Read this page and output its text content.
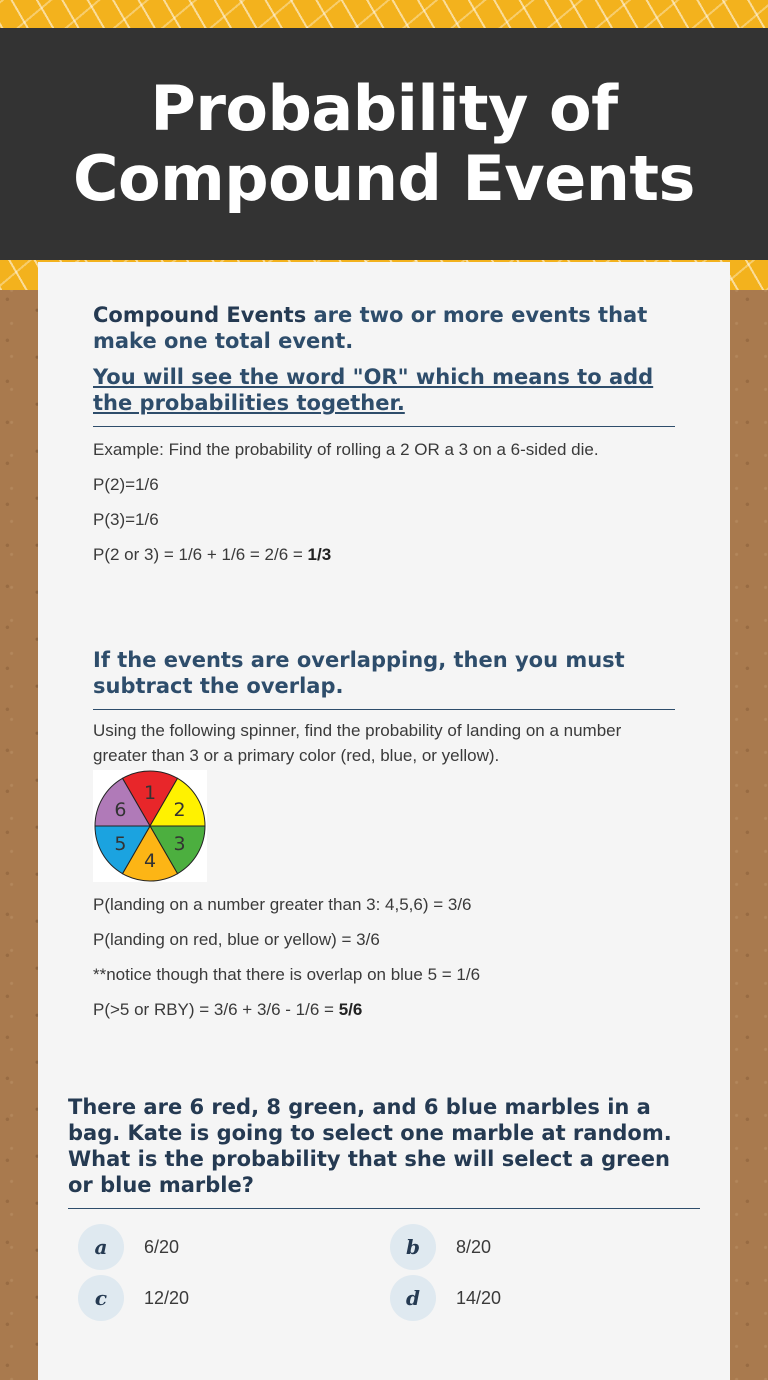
Probability of Compound Events

Compound Events are two or more events that make one total event.

You will see the word "OR" which means to add the probabilities together.

Example: Find the probability of rolling a 2 OR a 3 on a 6-sided die.

P(2)=1/6

P(3)=1/6

P(2 or 3) = 1/6 + 1/6 = 2/6 = 1/3

If the events are overlapping, then you must subtract the overlap.

Using the following spinner, find the probability of landing on a number greater than 3 or a primary color (red, blue, or yellow).

1
2
3
4
5
6

P(landing on a number greater than 3: 4,5,6) = 3/6

P(landing on red, blue or yellow) = 3/6

**notice though that there is overlap on blue 5 = 1/6

P(>5 or RBY) = 3/6 + 3/6 - 1/6 = 5/6

There are 6 red, 8 green, and 6 blue marbles in a bag. Kate is going to select one marble at random. What is the probability that she will select a green or blue marble?

a	6/20	b	8/20
c	12/20	d	14/20
